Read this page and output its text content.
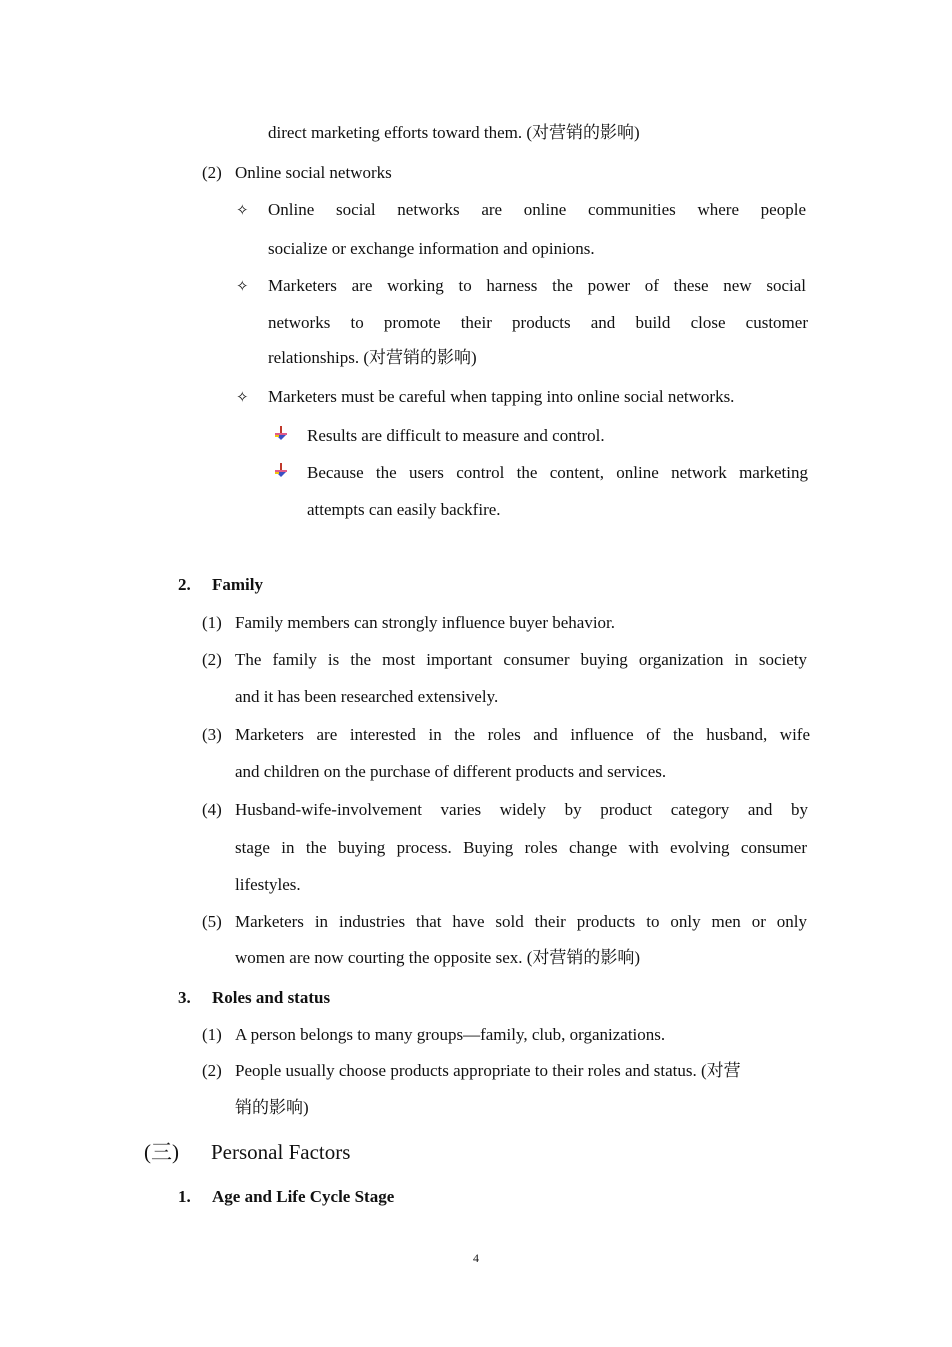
direct marketing efforts toward them. (对营销的影响)
(2) Online social networks
✧ Online social networks are online communities where people
socialize or exchange information and opinions.
✧ Marketers are working to harness the power of these new social
networks to promote their products and build close customer
relationships. (对营销的影响)
✧ Marketers must be careful when tapping into online social networks.
Results are difficult to measure and control.
Because the users control the content, online network marketing
attempts can easily backfire.
2. Family
(1) Family members can strongly influence buyer behavior.
(2) The family is the most important consumer buying organization in society
and it has been researched extensively.
(3) Marketers are interested in the roles and influence of the husband, wife
and children on the purchase of different products and services.
(4) Husband-wife-involvement varies widely by product category and by
stage in the buying process. Buying roles change with evolving consumer
lifestyles.
(5) Marketers in industries that have sold their products to only men or only
women are now courting the opposite sex. (对营销的影响)
3. Roles and status
(1) A person belongs to many groups—family, club, organizations.
(2) People usually choose products appropriate to their roles and status. (对营
销的影响)
(三) Personal Factors
1. Age and Life Cycle Stage
4
